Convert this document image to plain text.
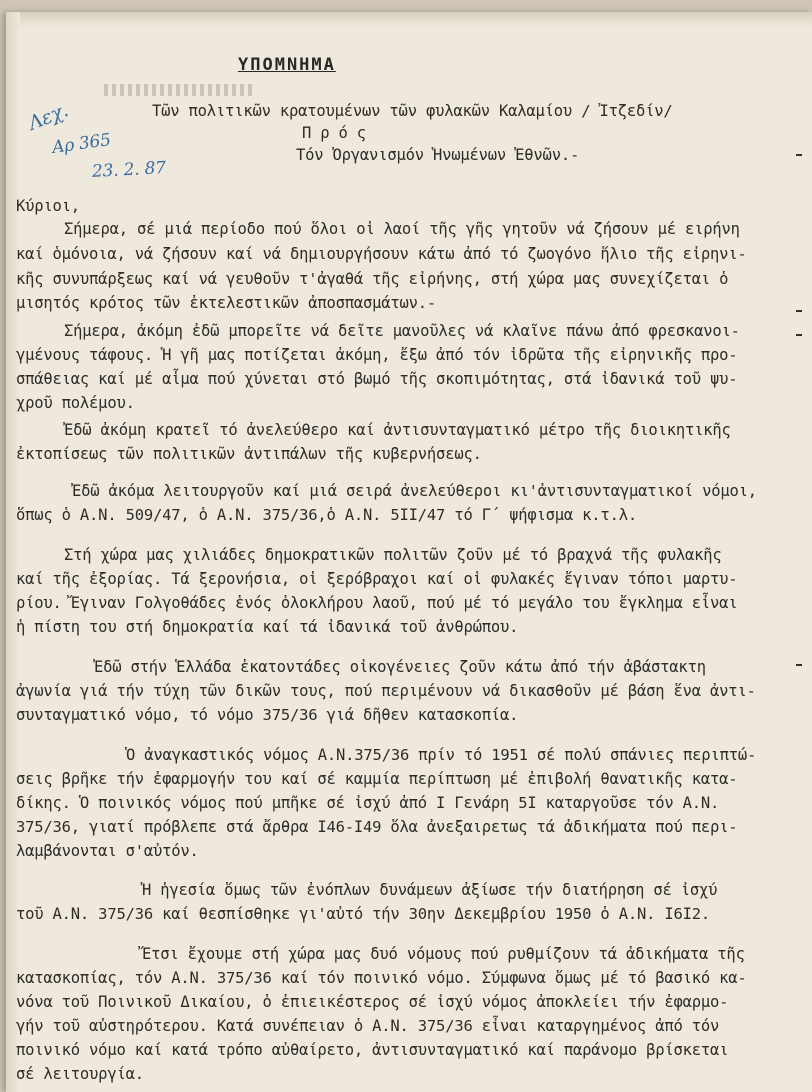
ΥΠΟΜΝΗΜΑ
Τῶν πολιτικῶν κρατουμένων τῶν φυλακῶν Καλαμίου / Ἰτζεδίν/
Π ρ ό ς
Τόν Ὀργανισμόν Ἡνωμένων Ἐθνῶν.-
Λεχ.
Αρ 365
23. 2. 87
Κύριοι,
Σήμερα, σέ μιά περίοδο πού ὅλοι οἱ λαοί τῆς γῆς γητοῦν νά ζήσουν μέ ειρήνη
καί ὁμόνοια, νά ζήσουν καί νά δημιουργήσουν κάτω ἀπό τό ζωογόνο ἥλιο τῆς εἰρηνι-
κῆς συνυπάρξεως καί νά γευθοῦν τ'ἀγαθά τῆς εἰρήνης, στή χώρα μας συνεχίζεται ὁ
μισητός κρότος τῶν ἐκτελεστικῶν ἀποσπασμάτων.-
Σήμερα, ἀκόμη ἐδῶ μπορεῖτε νά δεῖτε μανοῦλες νά κλαῖνε πάνω ἀπό φρεσκανοι-
γμένους τάφους. Ἡ γῆ μας ποτίζεται ἀκόμη, ἔξω ἀπό τόν ἱδρῶτα τῆς εἰρηνικῆς προ-
σπάθειας καί μέ αἷμα πού χύνεται στό βωμό τῆς σκοπιμότητας, στά ἰδανικά τοῦ ψυ-
χροῦ πολέμου.
Ἐδῶ ἀκόμη κρατεῖ τό ἀνελεύθερο καί ἀντισυνταγματικό μέτρο τῆς διοικητικῆς
ἐκτοπίσεως τῶν πολιτικῶν ἀντιπάλων τῆς κυβερνήσεως.
Ἐδῶ ἀκόμα λειτουργοῦν καί μιά σειρά ἀνελεύθεροι κι'ἀντισυνταγματικοί νόμοι,
ὅπως ὁ Α.Ν. 509/47, ὁ Α.Ν. 375/36,ὁ Α.Ν. 5ΙΙ/47 τό Γ΄ ψήφισμα κ.τ.λ.
Στή χώρα μας χιλιάδες δημοκρατικῶν πολιτῶν ζοῦν μέ τό βραχνά τῆς φυλακῆς
καί τῆς ἐξορίας. Τά ξερονήσια, οἱ ξερόβραχοι καί οἱ φυλακές ἔγιναν τόποι μαρτυ-
ρίου. Ἔγιναν Γολγοθάδες ἑνός ὁλοκλήρου λαοῦ, πού μέ τό μεγάλο του ἔγκλημα εἶναι
ἡ πίστη του στή δημοκρατία καί τά ἰδανικά τοῦ ἀνθρώπου.
Ἐδῶ στήν Ἑλλάδα ἑκατοντάδες οἰκογένειες ζοῦν κάτω ἀπό τήν ἀβάστακτη
ἀγωνία γιά τήν τύχη τῶν δικῶν τους, πού περιμένουν νά δικασθοῦν μέ βάση ἕνα ἀντι-
συνταγματικό νόμο, τό νόμο 375/36 γιά δῆθεν κατασκοπία.
Ὁ ἀναγκαστικός νόμος Α.Ν.375/36 πρίν τό 1951 σέ πολύ σπάνιες περιπτώ-
σεις βρῆκε τήν ἐφαρμογήν του καί σέ καμμία περίπτωση μέ ἐπιβολή θανατικῆς κατα-
δίκης. Ὁ ποινικός νόμος πού μπῆκε σέ ἰσχύ ἀπό Ι Γενάρη 5Ι καταργοῦσε τόν Α.Ν.
375/36, γιατί πρόβλεπε στά ἄρθρα Ι46-Ι49 ὅλα ἀνεξαιρετως τά ἀδικήματα πού περι-
λαμβάνονται σ'αὐτόν.
Ἡ ἡγεσία ὅμως τῶν ἐνόπλων δυνάμεων ἀξίωσε τήν διατήρηση σέ ἰσχύ
τοῦ Α.Ν. 375/36 καί θεσπίσθηκε γι'αὐτό τήν 30ην Δεκεμβρίου 1950 ὁ Α.Ν. Ι6Ι2.
Ἔτσι ἔχουμε στή χώρα μας δυό νόμους πού ρυθμίζουν τά ἀδικήματα τῆς
κατασκοπίας, τόν Α.Ν. 375/36 καί τόν ποινικό νόμο. Σύμφωνα ὅμως μέ τό βασικό κα-
νόνα τοῦ Ποινικοῦ Δικαίου, ὁ ἐπιεικέστερος σέ ἰσχύ νόμος ἀποκλείει τήν ἐφαρμο-
γήν τοῦ αὐστηρότερου. Κατά συνέπειαν ὁ Α.Ν. 375/36 εἶναι καταργημένος ἀπό τόν
ποινικό νόμο καί κατά τρόπο αὐθαίρετο, ἀντισυνταγματικό καί παράνομο βρίσκεται
σέ λειτουργία.
